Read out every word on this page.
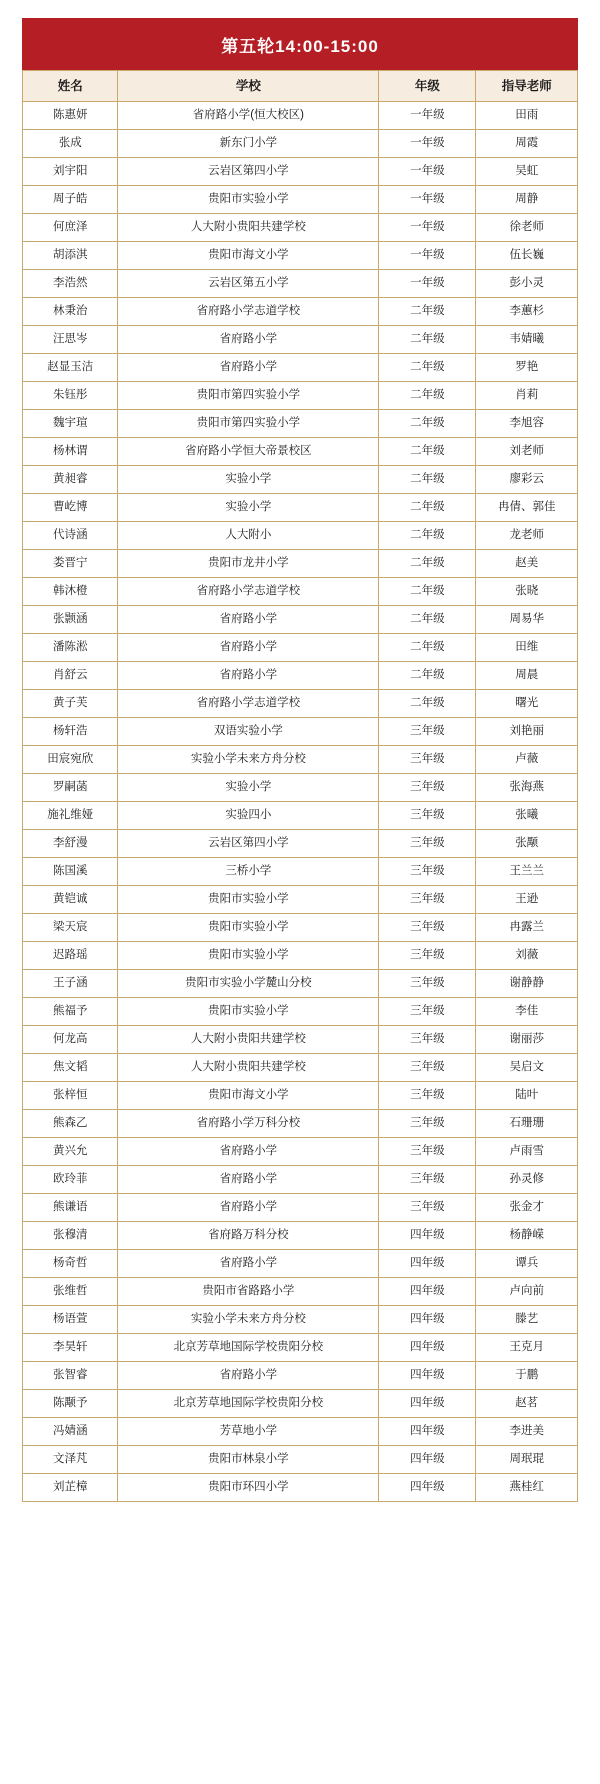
第五轮14:00-15:00
姓名	学校	年级	指导老师
陈惠妍	省府路小学(恒大校区)	一年级	田雨
张成	新东门小学	一年级	周霞
刘宇阳	云岩区第四小学	一年级	吴虹
周子皓	贵阳市实验小学	一年级	周静
何庶泽	人大附小贵阳共建学校	一年级	徐老师
胡添淇	贵阳市海文小学	一年级	伍长巍
李浩然	云岩区第五小学	一年级	彭小灵
林秉治	省府路小学志道学校	二年级	李蕙杉
汪思岑	省府路小学	二年级	韦婧曦
赵显玉洁	省府路小学	二年级	罗艳
朱钰彤	贵阳市第四实验小学	二年级	肖莉
魏宇瑄	贵阳市第四实验小学	二年级	李旭容
杨林谓	省府路小学恒大帝景校区	二年级	刘老师
黄昶睿	实验小学	二年级	廖彩云
曹屹博	实验小学	二年级	冉倩、郭佳
代诗涵	人大附小	二年级	龙老师
娄晋宁	贵阳市龙井小学	二年级	赵美
韩沐橙	省府路小学志道学校	二年级	张晓
张颢涵	省府路小学	二年级	周易华
潘陈淞	省府路小学	二年级	田维
肖舒云	省府路小学	二年级	周晨
黄子芙	省府路小学志道学校	二年级	曙光
杨轩浩	双语实验小学	三年级	刘艳丽
田宸宛欣	实验小学未来方舟分校	三年级	卢薇
罗嗣菡	实验小学	三年级	张海燕
施礼维娅	实验四小	三年级	张曦
李舒漫	云岩区第四小学	三年级	张颙
陈国溪	三桥小学	三年级	王兰兰
黄铠诚	贵阳市实验小学	三年级	王逊
梁天宸	贵阳市实验小学	三年级	冉露兰
迟路瑶	贵阳市实验小学	三年级	刘薇
王子涵	贵阳市实验小学麓山分校	三年级	谢静静
熊福予	贵阳市实验小学	三年级	李佳
何龙高	人大附小贵阳共建学校	三年级	谢丽莎
焦文韬	人大附小贵阳共建学校	三年级	吴启文
张梓恒	贵阳市海文小学	三年级	陆叶
熊森乙	省府路小学万科分校	三年级	石珊珊
黄兴允	省府路小学	三年级	卢雨雪
欧玲菲	省府路小学	三年级	孙灵修
熊谦语	省府路小学	三年级	张金才
张穆清	省府路万科分校	四年级	杨静嵘
杨奇哲	省府路小学	四年级	谭兵
张维哲	贵阳市省路路小学	四年级	卢向前
杨语萱	实验小学未来方舟分校	四年级	滕艺
李昊轩	北京芳草地国际学校贵阳分校	四年级	王克月
张智睿	省府路小学	四年级	于鹏
陈颙予	北京芳草地国际学校贵阳分校	四年级	赵茗
冯婧涵	芳草地小学	四年级	李进美
文泽芃	贵阳市林泉小学	四年级	周珉琨
刘芷樟	贵阳市环四小学	四年级	燕桂红
